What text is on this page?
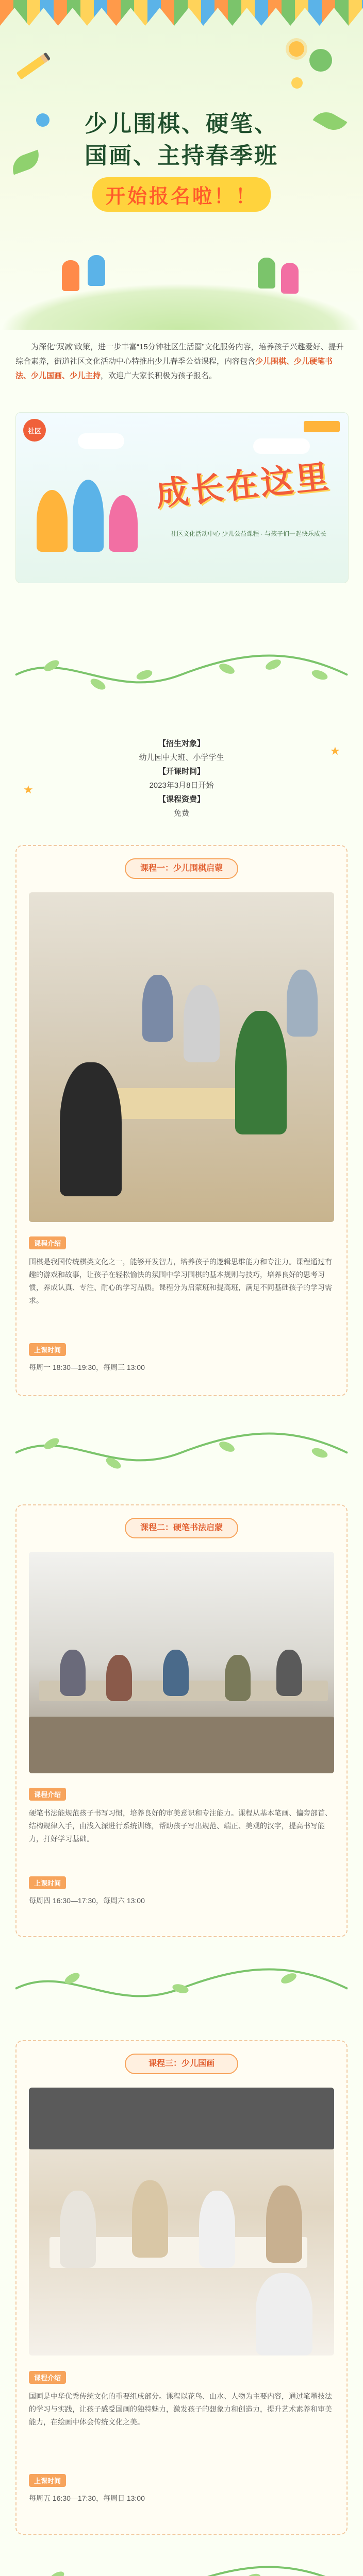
少儿围棋、硬笔、

国画、主持春季班

开始报名啦！！

为深化“双减”政策，进一步丰富“15分钟社区生活圈”文化服务内容，培养孩子兴趣爱好、提升综合素养，街道社区文化活动中心特推出少儿春季公益课程，内容包含少儿围棋、少儿硬笔书法、少儿国画、少儿主持，欢迎广大家长积极为孩子报名。

社区
成长在这里
社区文化活动中心 少儿公益课程 · 与孩子们一起快乐成长
【招生对象】
幼儿园中大班、小学学生
【开课时间】
2023年3月8日开始
【课程资费】
免费
课程一：少儿围棋启蒙
课程介绍

围棋是我国传统棋类文化之一，能够开发智力，培养孩子的逻辑思维能力和专注力。课程通过有趣的游戏和故事，让孩子在轻松愉快的氛围中学习围棋的基本规则与技巧，培养良好的思考习惯，养成认真、专注、耐心的学习品质。课程分为启蒙班和提高班，满足不同基础孩子的学习需求。

上课时间
每周一 18:30—19:30，每周三 13:00
课程二：硬笔书法启蒙
课程介绍

硬笔书法能规范孩子书写习惯，培养良好的审美意识和专注能力。课程从基本笔画、偏旁部首、结构规律入手，由浅入深进行系统训练，帮助孩子写出规范、端正、美观的汉字，提高书写能力，打好学习基础。

上课时间
每周四 16:30—17:30，每周六 13:00
课程三：少儿国画
课程介绍

国画是中华优秀传统文化的重要组成部分。课程以花鸟、山水、人物为主要内容，通过笔墨技法的学习与实践，让孩子感受国画的独特魅力，激发孩子的想象力和创造力，提升艺术素养和审美能力，在绘画中体会传统文化之美。

上课时间
每周五 16:30—17:30，每周日 13:00

★
★
